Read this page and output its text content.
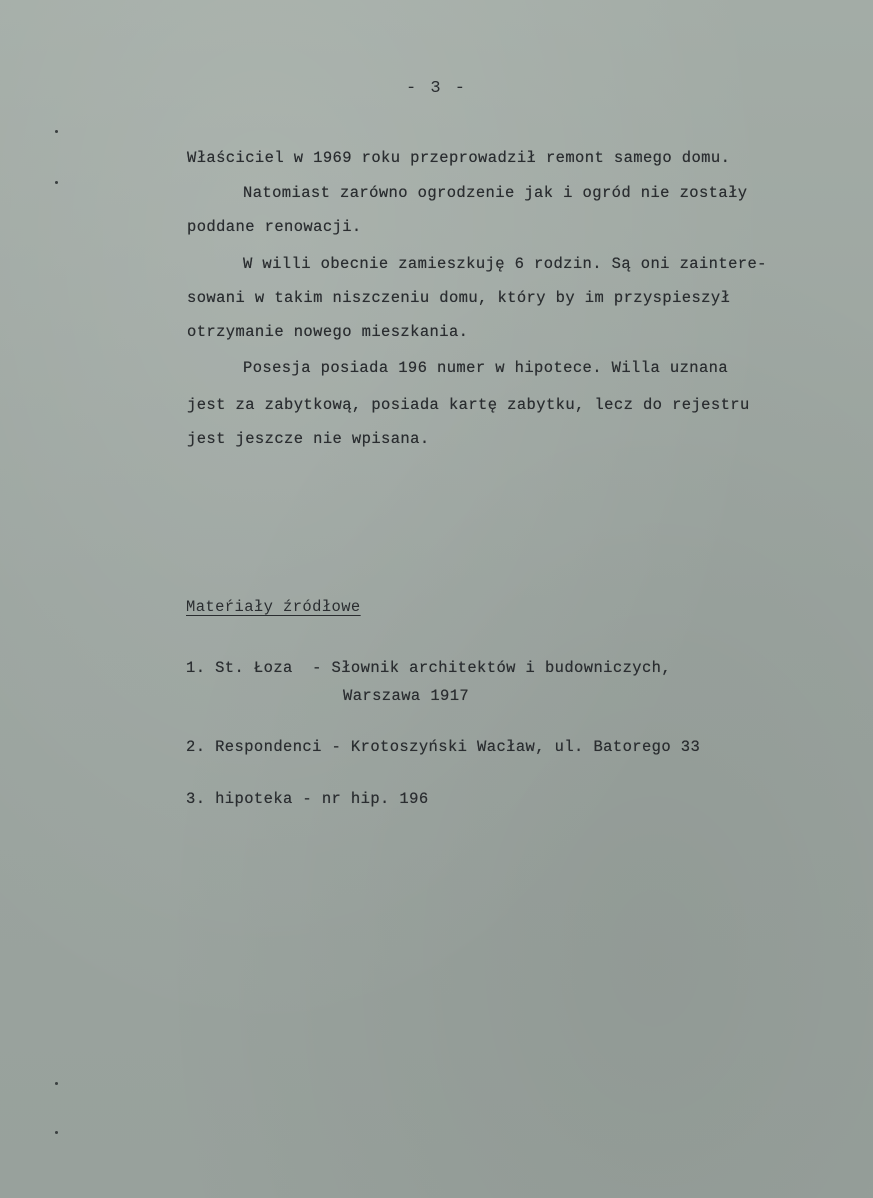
- 3 -
Właściciel w 1969 roku przeprowadził remont samego domu.
Natomiast zarówno ogrodzenie jak i ogród nie zostały
poddane renowacji.
W willi obecnie zamieszkuję 6 rodzin. Są oni zaintere-
sowani w takim niszczeniu domu, który by im przyspieszył
otrzymanie nowego mieszkania.
Posesja posiada 196 numer w hipotece. Willa uznana
jest za zabytkową, posiada kartę zabytku, lecz do rejestru
jest jeszcze nie wpisana.
Mateŕiały źródłowe
1. St. Łoza  - Słownik architektów i budowniczych,
Warszawa 1917
2. Respondenci - Krotoszyński Wacław, ul. Batorego 33
3. hipoteka - nr hip. 196
